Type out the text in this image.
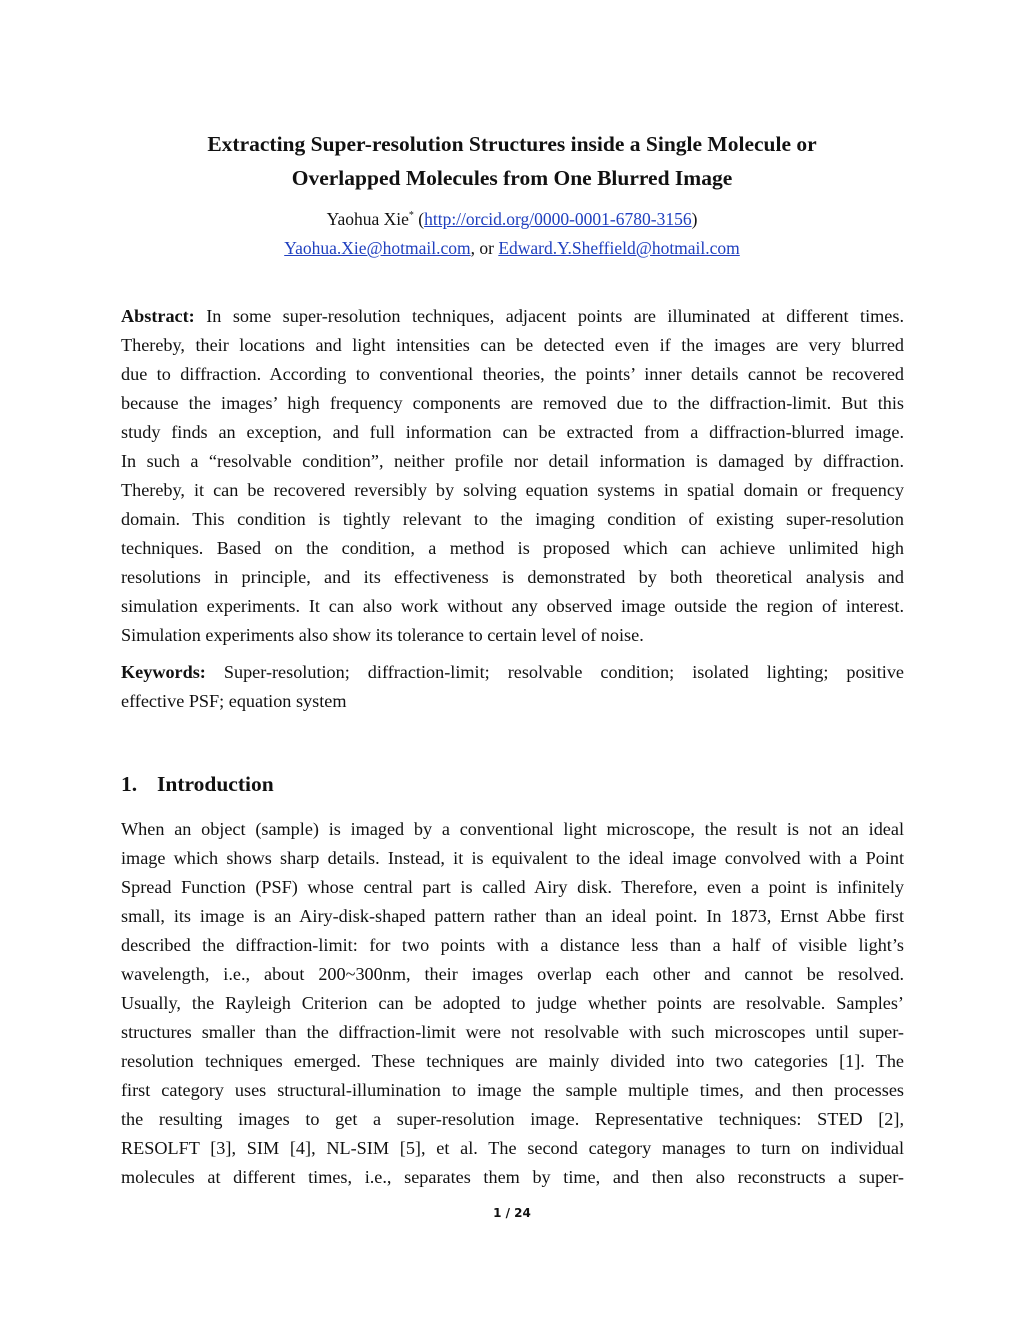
Extracting Super-resolution Structures inside a Single Molecule or
Overlapped Molecules from One Blurred Image
Yaohua Xie* (http://orcid.org/0000-0001-6780-3156)
Yaohua.Xie@hotmail.com, or Edward.Y.Sheffield@hotmail.com
Abstract: In some super-resolution techniques, adjacent points are illuminated at different times.
Thereby, their locations and light intensities can be detected even if the images are very blurred
due to diffraction. According to conventional theories, the points’ inner details cannot be recovered
because the images’ high frequency components are removed due to the diffraction-limit. But this
study finds an exception, and full information can be extracted from a diffraction-blurred image.
In such a “resolvable condition”, neither profile nor detail information is damaged by diffraction.
Thereby, it can be recovered reversibly by solving equation systems in spatial domain or frequency
domain. This condition is tightly relevant to the imaging condition of existing super-resolution
techniques. Based on the condition, a method is proposed which can achieve unlimited high
resolutions in principle, and its effectiveness is demonstrated by both theoretical analysis and
simulation experiments. It can also work without any observed image outside the region of interest.
Simulation experiments also show its tolerance to certain level of noise.
Keywords: Super-resolution; diffraction-limit; resolvable condition; isolated lighting; positive
effective PSF; equation system
1. Introduction
When an object (sample) is imaged by a conventional light microscope, the result is not an ideal
image which shows sharp details. Instead, it is equivalent to the ideal image convolved with a Point
Spread Function (PSF) whose central part is called Airy disk. Therefore, even a point is infinitely
small, its image is an Airy-disk-shaped pattern rather than an ideal point. In 1873, Ernst Abbe first
described the diffraction-limit: for two points with a distance less than a half of visible light’s
wavelength, i.e., about 200~300nm, their images overlap each other and cannot be resolved.
Usually, the Rayleigh Criterion can be adopted to judge whether points are resolvable. Samples’
structures smaller than the diffraction-limit were not resolvable with such microscopes until super-
resolution techniques emerged. These techniques are mainly divided into two categories [1]. The
first category uses structural-illumination to image the sample multiple times, and then processes
the resulting images to get a super-resolution image. Representative techniques: STED [2],
RESOLFT [3], SIM [4], NL-SIM [5], et al. The second category manages to turn on individual
molecules at different times, i.e., separates them by time, and then also reconstructs a super-
1 / 24
